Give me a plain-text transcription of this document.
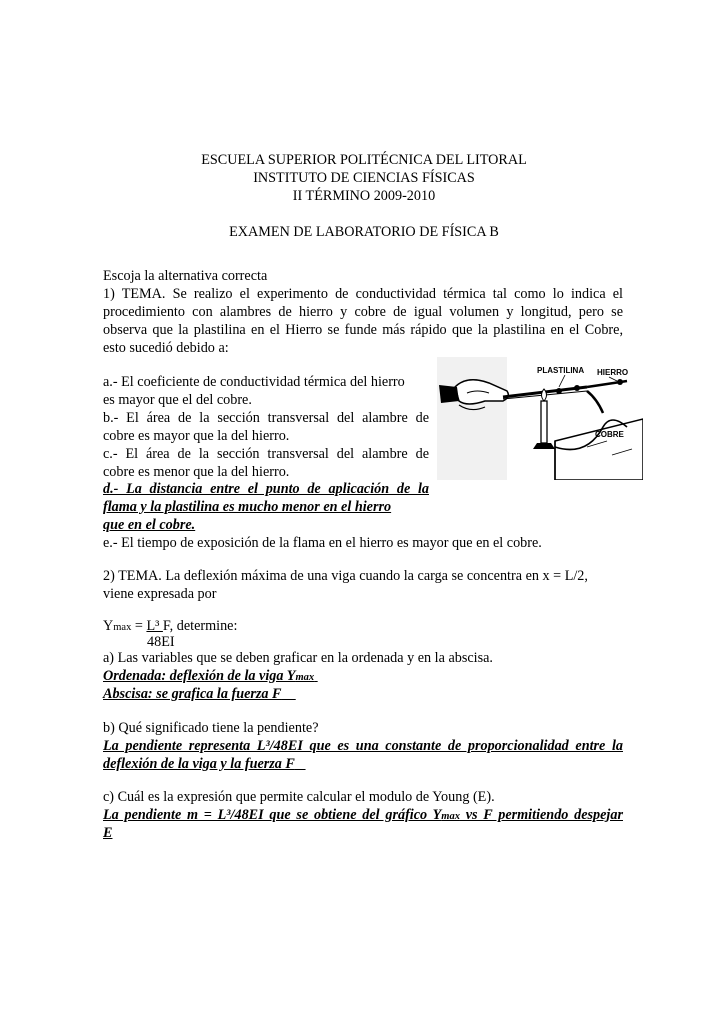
ESCUELA SUPERIOR POLITÉCNICA DEL LITORAL
INSTITUTO DE CIENCIAS FÍSICAS
II TÉRMINO 2009-2010
EXAMEN DE LABORATORIO DE FÍSICA B
Escoja la alternativa correcta
1) TEMA. Se realizo el experimento de conductividad térmica tal como lo indica el
procedimiento con alambres de hierro y cobre de igual volumen y longitud, pero se
observa que la plastilina en el Hierro se funde más rápido que la plastilina en el Cobre,
esto sucedió debido a:
a.- El coeficiente de conductividad térmica del hierro
es mayor que el del cobre.
b.- El área de la sección transversal del alambre de
cobre es mayor que la del hierro.
c.- El área de la sección transversal del alambre de
cobre es menor que la del hierro.
d.- La distancia entre el punto de aplicación de la
flama y la plastilina es mucho menor en el hierro
que en el cobre.
e.- El tiempo de exposición de la flama en el hierro es mayor que en el cobre.
PLASTILINA HIERRO
COBRE
2) TEMA. La deflexión máxima de una viga cuando la carga se concentra en x = L/2,
viene expresada por
Ymax = L³ F, determine:
48EI
a) Las variables que se deben graficar en la ordenada y en la abscisa.
Ordenada: deflexión de la viga Ymax
Abscisa: se grafica la fuerza F
b) Qué significado tiene la pendiente?
La pendiente representa L³/48EI que es una constante de proporcionalidad entre la
deflexión de la viga y la fuerza F
c) Cuál es la expresión que permite calcular el modulo de Young (E).
La pendiente m = L³/48EI que se obtiene del gráfico Ymax vs F permitiendo despejar
E
